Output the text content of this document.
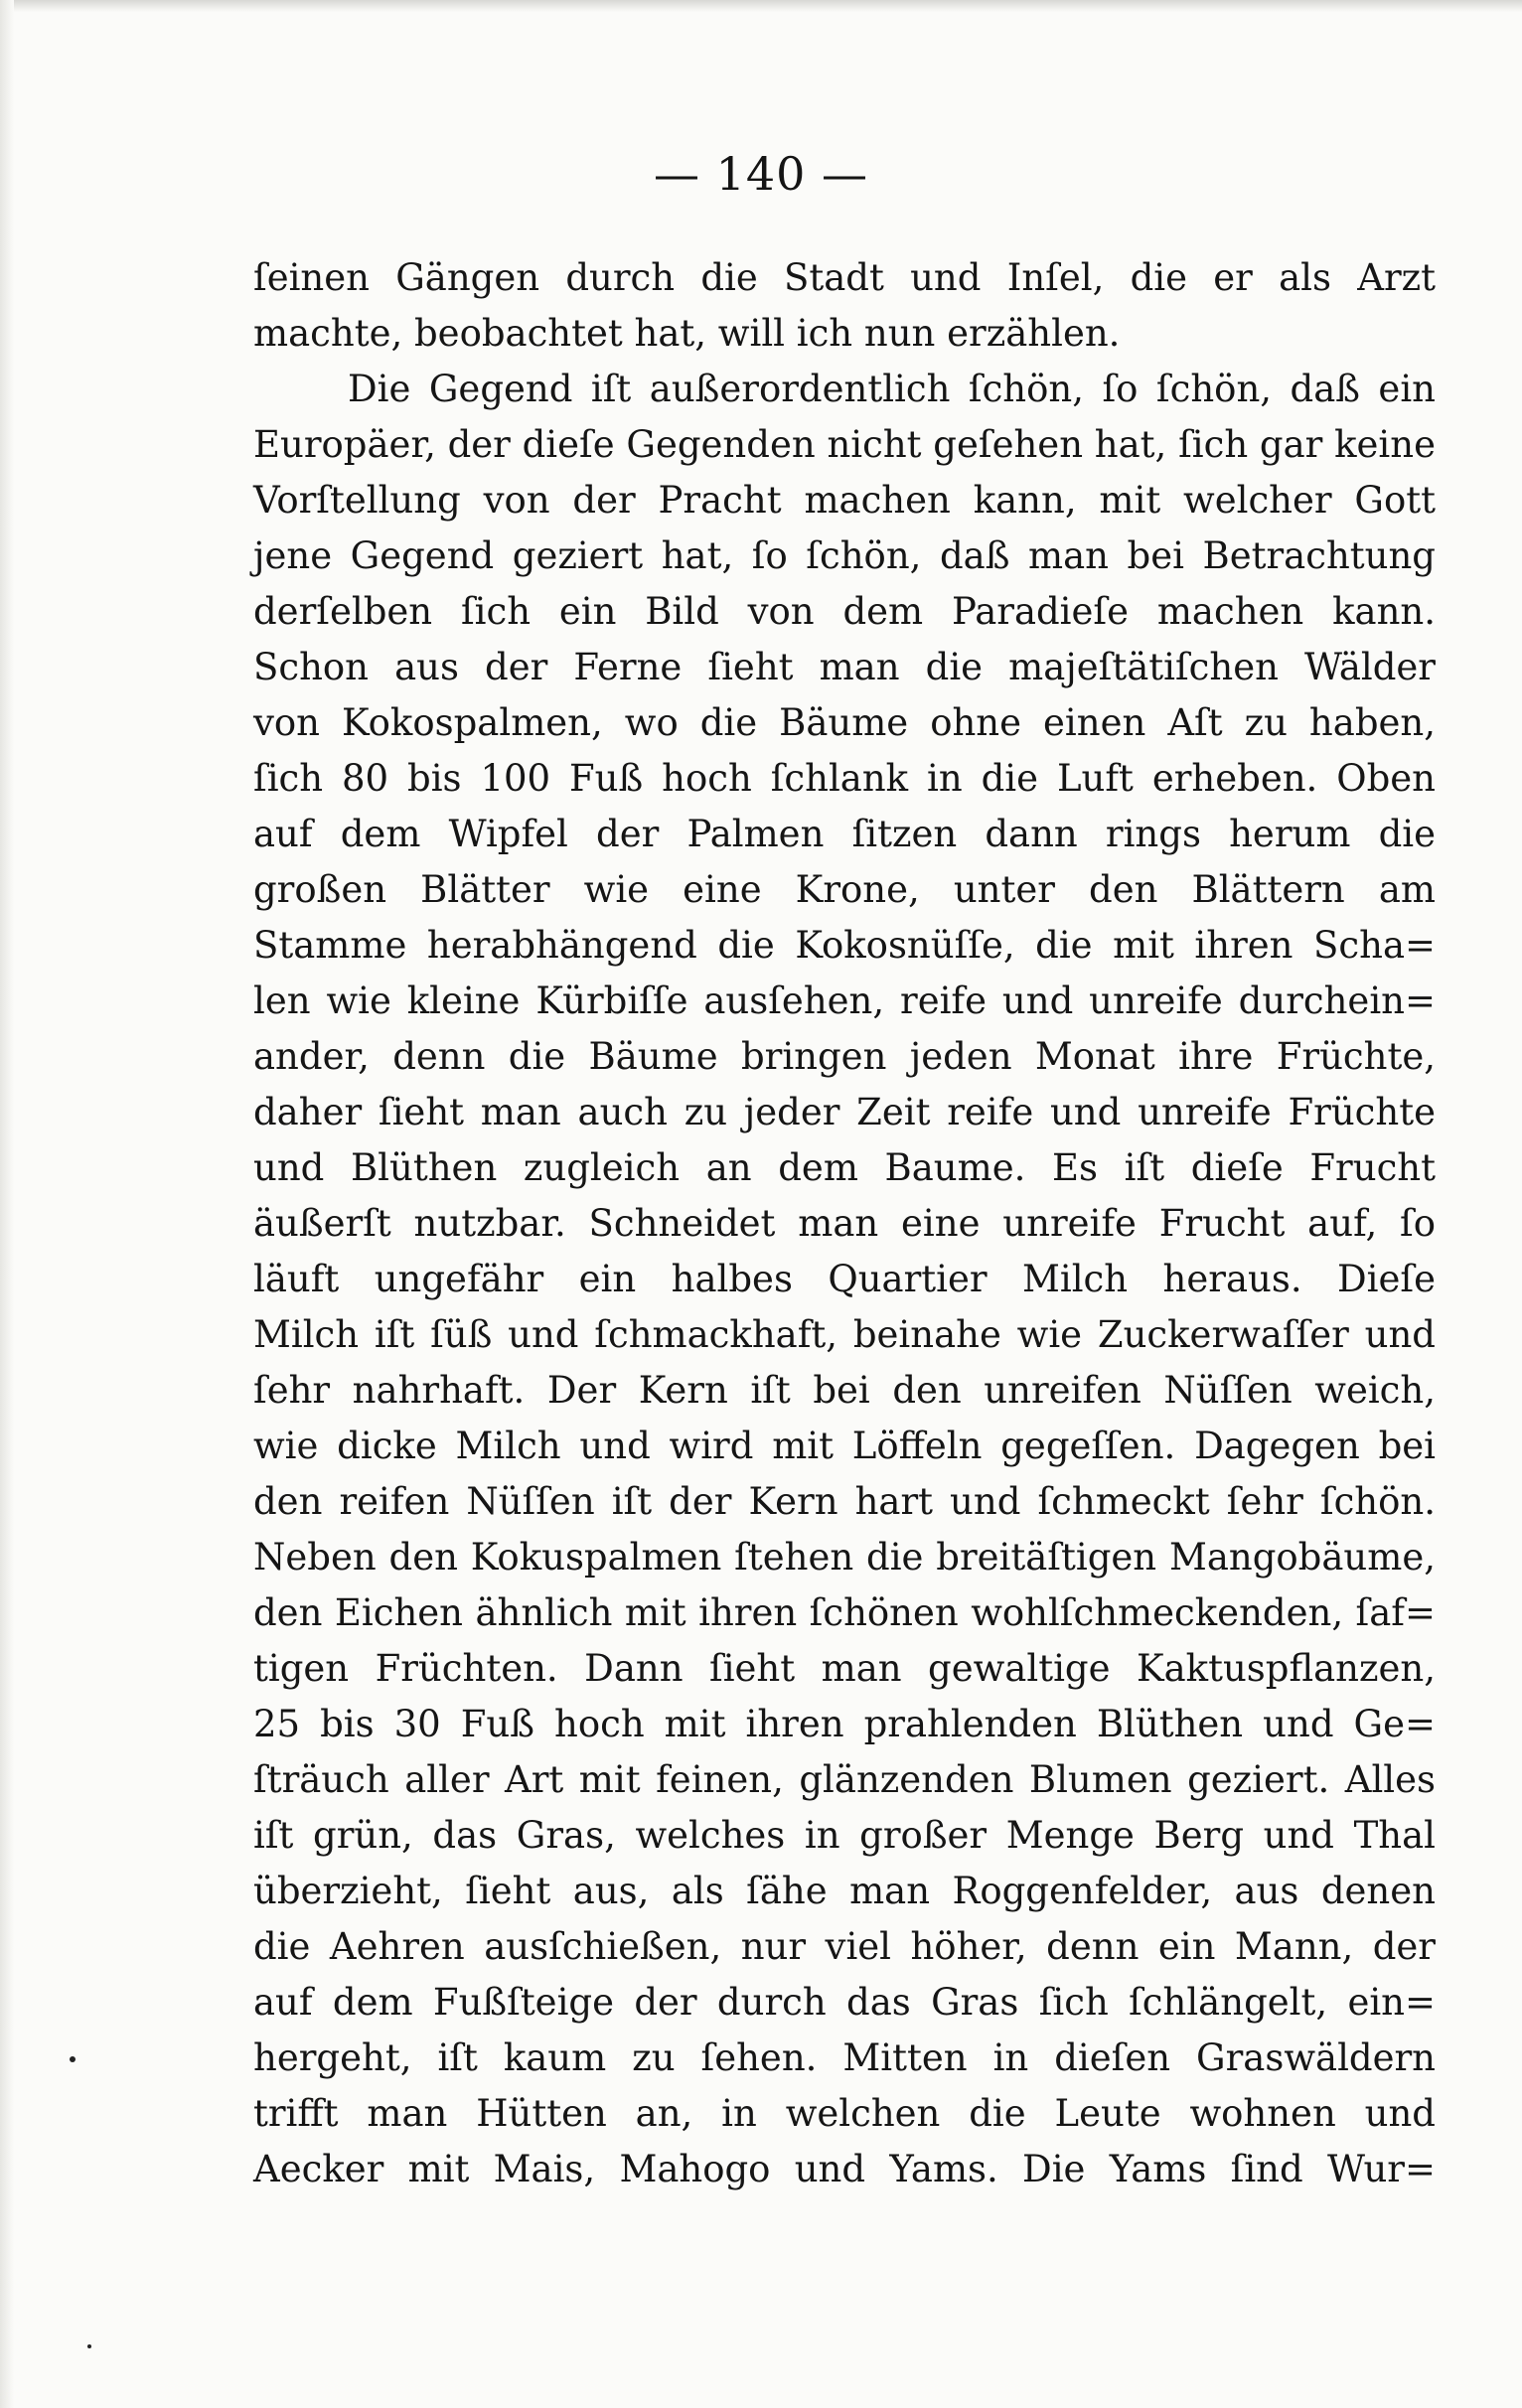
— 140 —
ſeinen Gängen durch die Stadt und Inſel, die er als Arzt
machte, beobachtet hat, will ich nun erzählen.
Die Gegend iſt außerordentlich ſchön, ſo ſchön, daß ein
Europäer, der dieſe Gegenden nicht geſehen hat, ſich gar keine
Vorſtellung von der Pracht machen kann, mit welcher Gott
jene Gegend geziert hat, ſo ſchön, daß man bei Betrachtung
derſelben ſich ein Bild von dem Paradieſe machen kann.
Schon aus der Ferne ſieht man die majeſtätiſchen Wälder
von Kokospalmen, wo die Bäume ohne einen Aſt zu haben,
ſich 80 bis 100 Fuß hoch ſchlank in die Luft erheben. Oben
auf dem Wipfel der Palmen ſitzen dann rings herum die
großen Blätter wie eine Krone, unter den Blättern am
Stamme herabhängend die Kokosnüſſe, die mit ihren Scha=
len wie kleine Kürbiſſe ausſehen, reife und unreife durchein=
ander, denn die Bäume bringen jeden Monat ihre Früchte,
daher ſieht man auch zu jeder Zeit reife und unreife Früchte
und Blüthen zugleich an dem Baume. Es iſt dieſe Frucht
äußerſt nutzbar. Schneidet man eine unreife Frucht auf, ſo
läuft ungefähr ein halbes Quartier Milch heraus. Dieſe
Milch iſt ſüß und ſchmackhaft, beinahe wie Zuckerwaſſer und
ſehr nahrhaft. Der Kern iſt bei den unreifen Nüſſen weich,
wie dicke Milch und wird mit Löffeln gegeſſen. Dagegen bei
den reifen Nüſſen iſt der Kern hart und ſchmeckt ſehr ſchön.
Neben den Kokuspalmen ſtehen die breitäſtigen Mangobäume,
den Eichen ähnlich mit ihren ſchönen wohlſchmeckenden, ſaf=
tigen Früchten. Dann ſieht man gewaltige Kaktuspflanzen,
25 bis 30 Fuß hoch mit ihren prahlenden Blüthen und Ge=
ſträuch aller Art mit feinen, glänzenden Blumen geziert. Alles
iſt grün, das Gras, welches in großer Menge Berg und Thal
überzieht, ſieht aus, als ſähe man Roggenfelder, aus denen
die Aehren ausſchießen, nur viel höher, denn ein Mann, der
auf dem Fußſteige der durch das Gras ſich ſchlängelt, ein=
hergeht, iſt kaum zu ſehen. Mitten in dieſen Graswäldern
trifft man Hütten an, in welchen die Leute wohnen und
Aecker mit Mais, Mahogo und Yams. Die Yams ſind Wur=
